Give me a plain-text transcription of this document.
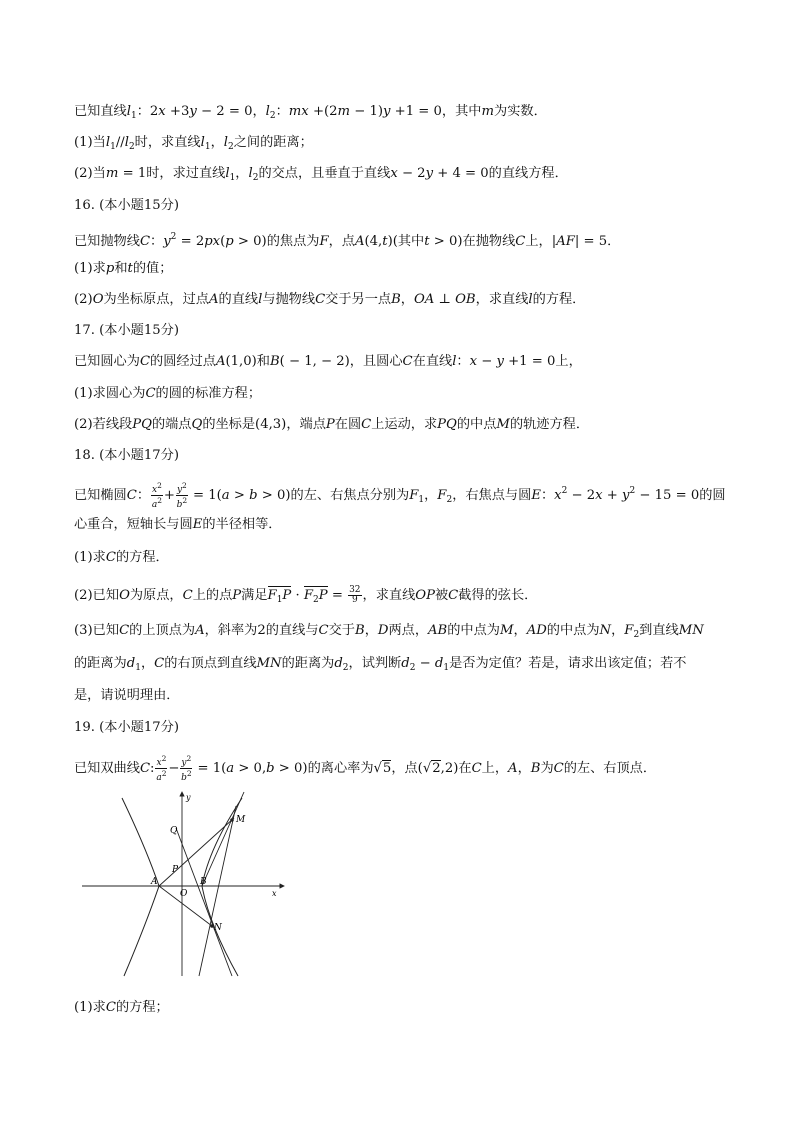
已知直线$l_1$：2x +3y − 2 = 0，$l_2$：mx +(2m − 1)y +1 = 0，其中m为实数．
(1)当$l_1//l_2$时，求直线$l_1$，$l_2$之间的距离；
(2)当m = 1时，求过直线$l_1$，$l_2$的交点，且垂直于直线x − 2y + 4 = 0的直线方程．
16. (本小题15分)
已知抛物线C：$y^2 = 2px(p > 0)$的焦点为F，点A(4,t)(其中t > 0)在抛物线C上，|AF| = 5．
(1)求p和t的值；
(2)O为坐标原点，过点A的直线l与抛物线C交于另一点B，OA ⊥ OB，求直线l的方程．
17. (本小题15分)
已知圆心为C的圆经过点A(1,0)和B( − 1, − 2)，且圆心C在直线l：x − y +1 = 0上，
(1)求圆心为C的圆的标准方程；
(2)若线段PQ的端点Q的坐标是(4,3)，端点P在圆C上运动，求PQ的中点M的轨迹方程．
18. (本小题17分)
已知椭圆C： $\frac{x^2}{a^2} + \frac{y^2}{b^2} = 1(a > b > 0)$的左、右焦点分别为$F_1$，$F_2$，右焦点与圆E：$x^2 - 2x + y^2 - 15 = 0$的圆
心重合，短轴长与圆E的半径相等．
(1)求C的方程．
(2)已知O为原点，C上的点P满足$F_1P \cdot F_2P = \frac{32}{9}$ ，求直线OP被C截得的弦长．
(3)已知C的上顶点为A，斜率为2的直线与C交于B，D两点，AB的中点为M，AD的中点为N，$F_2$到直线MN
的距离为$d_1$，C的右顶点到直线MN的距离为$d_2$，试判断$d_2 - d_1$是否为定值？若是，请求出该定值；若不
是，请说明理由．
19. (本小题17分)
已知双曲线C: $\frac{x^2}{a^2} - \frac{y^2}{b^2} = 1(a > 0,b > 0)$的离心率为√5，点(√2,2)在C上，A，B为C的左、右顶点．
y
x
Q
M
P
A
O
B
N
(1)求C的方程；
